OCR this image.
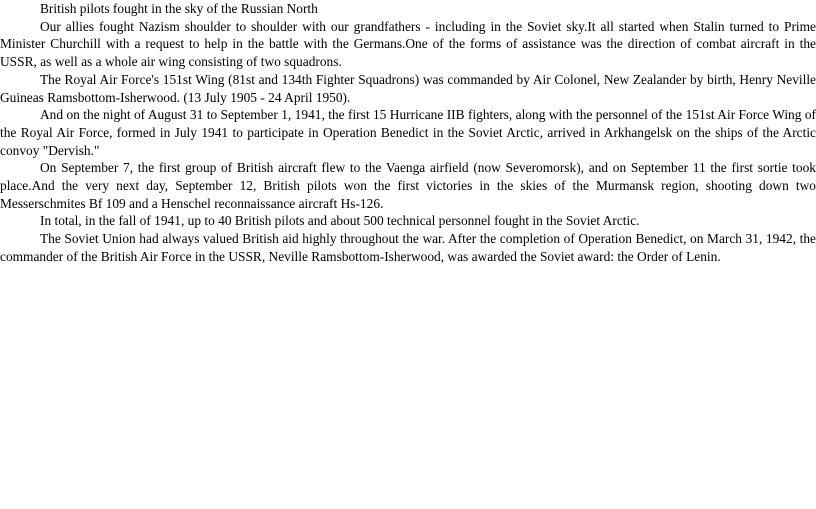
British pilots fought in the sky of the Russian North

Our allies fought Nazism shoulder to shoulder with our grandfathers - including in the Soviet sky.It all started when Stalin turned to Prime Minister Churchill with a request to help in the battle with the Germans.One of the forms of assistance was the direction of combat aircraft in the USSR, as well as a whole air wing consisting of two squadrons.

The Royal Air Force's 151st Wing (81st and 134th Fighter Squadrons) was commanded by Air Colonel, New Zealander by birth, Henry Neville Guineas Ramsbottom-Isherwood. (13 July 1905 - 24 April 1950).

And on the night of August 31 to September 1, 1941, the first 15 Hurricane IIB fighters, along with the personnel of the 151st Air Force Wing of the Royal Air Force, formed in July 1941 to participate in Operation Benedict in the Soviet Arctic, arrived in Arkhangelsk on the ships of the Arctic convoy "Dervish."

On September 7, the first group of British aircraft flew to the Vaenga airfield (now Severomorsk), and on September 11 the first sortie took place.And the very next day, September 12, British pilots won the first victories in the skies of the Murmansk region, shooting down two Messerschmites Bf 109 and a Henschel reconnaissance aircraft Hs-126.

In total, in the fall of 1941, up to 40 British pilots and about 500 technical personnel fought in the Soviet Arctic.

The Soviet Union had always valued British aid highly throughout the war. After the completion of Operation Benedict, on March 31, 1942, the commander of the British Air Force in the USSR, Neville Ramsbottom-Isherwood, was awarded the Soviet award: the Order of Lenin.
